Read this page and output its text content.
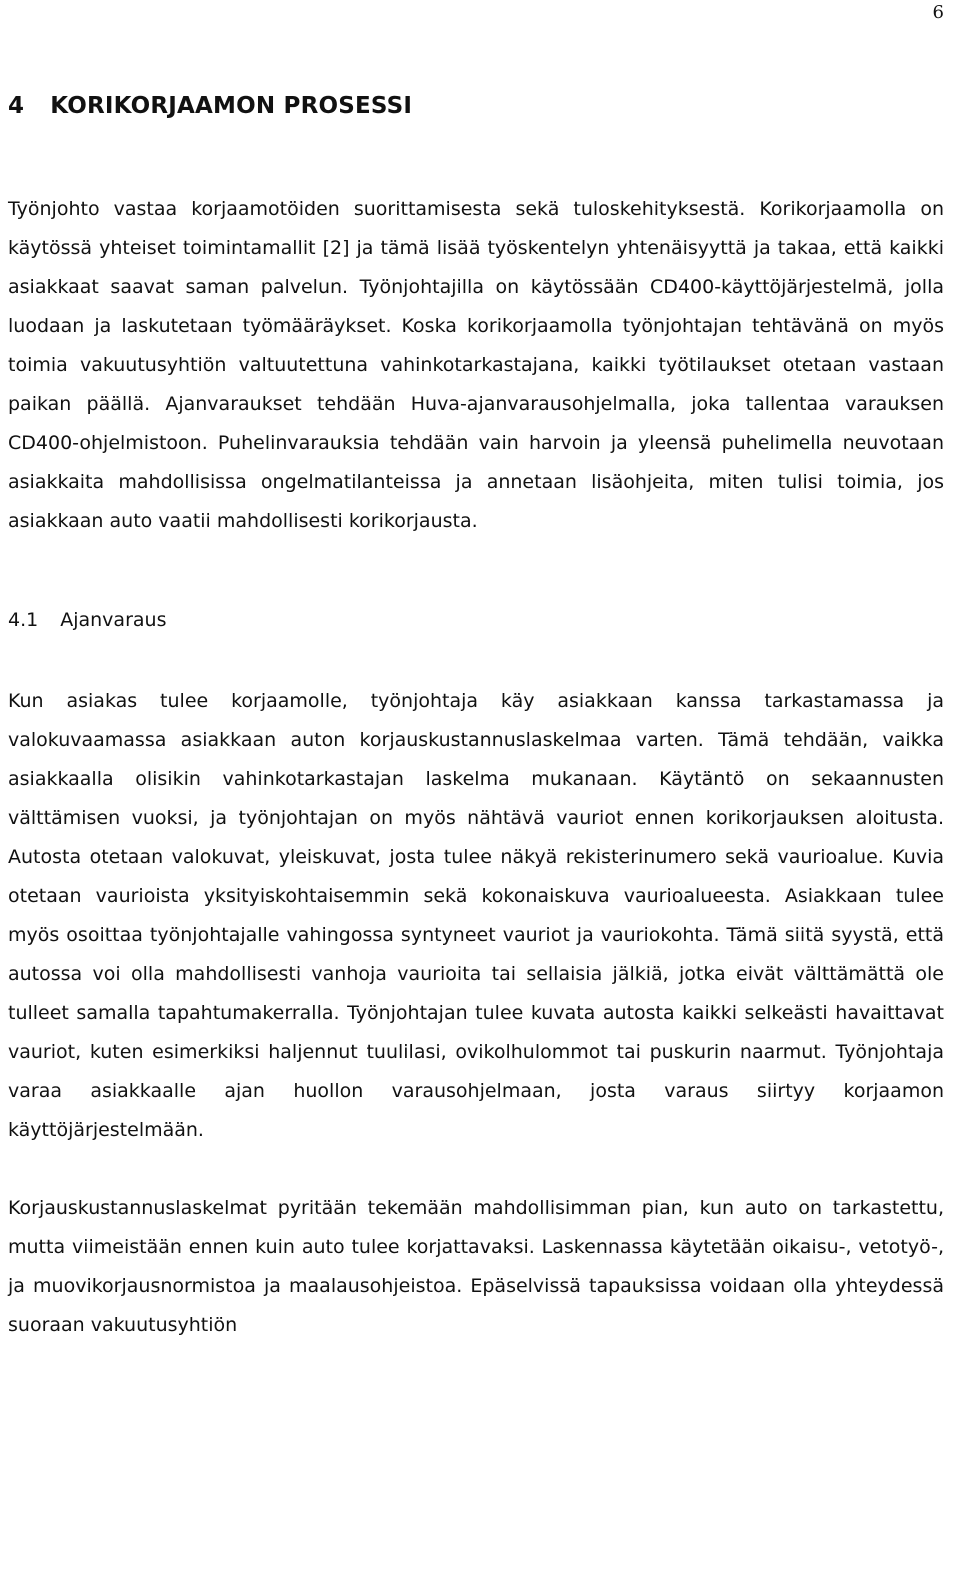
6
4 KORIKORJAAMON PROSESSI

Työnjohto vastaa korjaamotöiden suorittamisesta sekä tuloskehityksestä. Korikorjaamolla on käytössä yhteiset toimintamallit [2] ja tämä lisää työskentelyn yhtenäisyyttä ja takaa, että kaikki asiakkaat saavat saman palvelun. Työnjohtajilla on käytössään CD400-käyttöjärjestelmä, jolla luodaan ja laskutetaan työmääräykset. Koska korikorjaamolla työnjohtajan tehtävänä on myös toimia vakuutusyhtiön valtuutettuna vahinkotarkastajana, kaikki työtilaukset otetaan vastaan paikan päällä. Ajanvaraukset tehdään Huva-ajanvarausohjelmalla, joka tallentaa varauksen CD400-ohjelmistoon. Puhelinvarauksia tehdään vain harvoin ja yleensä puhelimella neuvotaan asiakkaita mahdollisissa ongelmatilanteissa ja annetaan lisäohjeita, miten tulisi toimia, jos asiakkaan auto vaatii mahdollisesti korikorjausta.

4.1 Ajanvaraus

Kun asiakas tulee korjaamolle, työnjohtaja käy asiakkaan kanssa tarkastamassa ja valokuvaamassa asiakkaan auton korjauskustannuslaskelmaa varten. Tämä tehdään, vaikka asiakkaalla olisikin vahinkotarkastajan laskelma mukanaan. Käytäntö on sekaannusten välttämisen vuoksi, ja työnjohtajan on myös nähtävä vauriot ennen korikorjauksen aloitusta. Autosta otetaan valokuvat, yleiskuvat, josta tulee näkyä rekisterinumero sekä vaurioalue. Kuvia otetaan vaurioista yksityiskohtaisemmin sekä kokonaiskuva vaurioalueesta. Asiakkaan tulee myös osoittaa työnjohtajalle vahingossa syntyneet vauriot ja vauriokohta. Tämä siitä syystä, että autossa voi olla mahdollisesti vanhoja vaurioita tai sellaisia jälkiä, jotka eivät välttämättä ole tulleet samalla tapahtumakerralla. Työnjohtajan tulee kuvata autosta kaikki selkeästi havaittavat vauriot, kuten esimerkiksi haljennut tuulilasi, ovikolhulommot tai puskurin naarmut. Työnjohtaja varaa asiakkaalle ajan huollon varausohjelmaan, josta varaus siirtyy korjaamon käyttöjärjestelmään.

Korjauskustannuslaskelmat pyritään tekemään mahdollisimman pian, kun auto on tarkastettu, mutta viimeistään ennen kuin auto tulee korjattavaksi. Laskennassa käytetään oikaisu-, vetotyö-, ja muovikorjausnormistoa ja maalausohjeistoa. Epäselvissä tapauksissa voidaan olla yhteydessä suoraan vakuutusyhtiön
